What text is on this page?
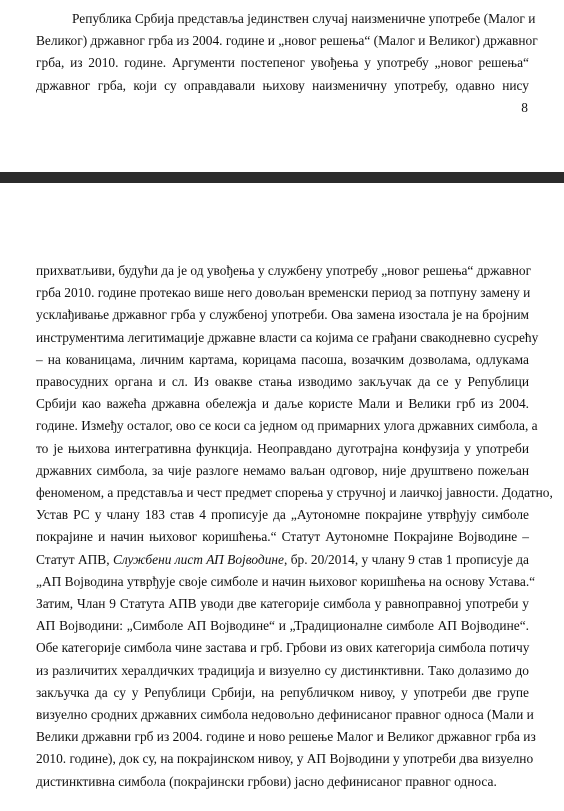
Република Србија представља јединствен случај наизменичне употребе (Малог и
Великог) државног грба из 2004. године и „новог решења“ (Малог и Великог) државног
грба, из 2010. године. Аргументи постепеног увођења у употребу „новог решења“
државног грба, који су оправдавали њихову наизменичну употребу, одавно нису
8
прихватљиви, будући да је од увођења у службену употребу „новог решења“ државног
грба 2010. године протекао више него довољан временски период за потпуну замену и
усклађивање државног грба у службеној употреби. Ова замена изостала је на бројним
инструментима легитимације државне власти са којима се грађани свакодневно сусрећу
– на кованицама, личним картама, корицама пасоша, возачким дозволама, одлукама
правосудних органа и сл. Из овакве стања изводимо закључак да се у Републици
Србији као важећа државна обележја и даље користе Мали и Велики грб из 2004.
године. Између осталог, ово се коси са једном од примарних улога државних симбола, а
то је њихова интегративна функција. Неоправдано дуготрајна конфузија у употреби
државних симбола, за чије разлоге немамо ваљан одговор, није друштвено пожељан
феноменом, а представља и чест предмет спорења у стручној и лаичкој јавности. Додатно,
Устав РС у члану 183 став 4 прописује да „Аутономне покрајине утврђују симболе
покрајине и начин њиховог коришћења.“ Статут Аутономне Покрајине Војводине –
Статут АПВ, Службени лист АП Војводине, бр. 20/2014, у члану 9 став 1 прописује да
„АП Војводина утврђује своје симболе и начин њиховог коришћења на основу Устава.“
Затим, Члан 9 Статута АПВ уводи две категорије симбола у равноправној употреби у
АП Војводини: „Симболе АП Војводине“ и „Традиционалне симболе АП Војводине“.
Обе категорије симбола чине застава и грб. Грбови из ових категорија симбола потичу
из различитих хералдичких традиција и визуелно су дистинктивни. Тако долазимо до
закључка да су у Републици Србији, на републичком нивоу, у употреби две групе
визуелно сродних државних симбола недовољно дефинисаног правног односа (Мали и
Велики државни грб из 2004. године и ново решење Малог и Великог државног грба из
2010. године), док су, на покрајинском нивоу, у АП Војводини у употреби два визуелно
дистинктивна симбола (покрајински грбови) јасно дефинисаног правног односа.
